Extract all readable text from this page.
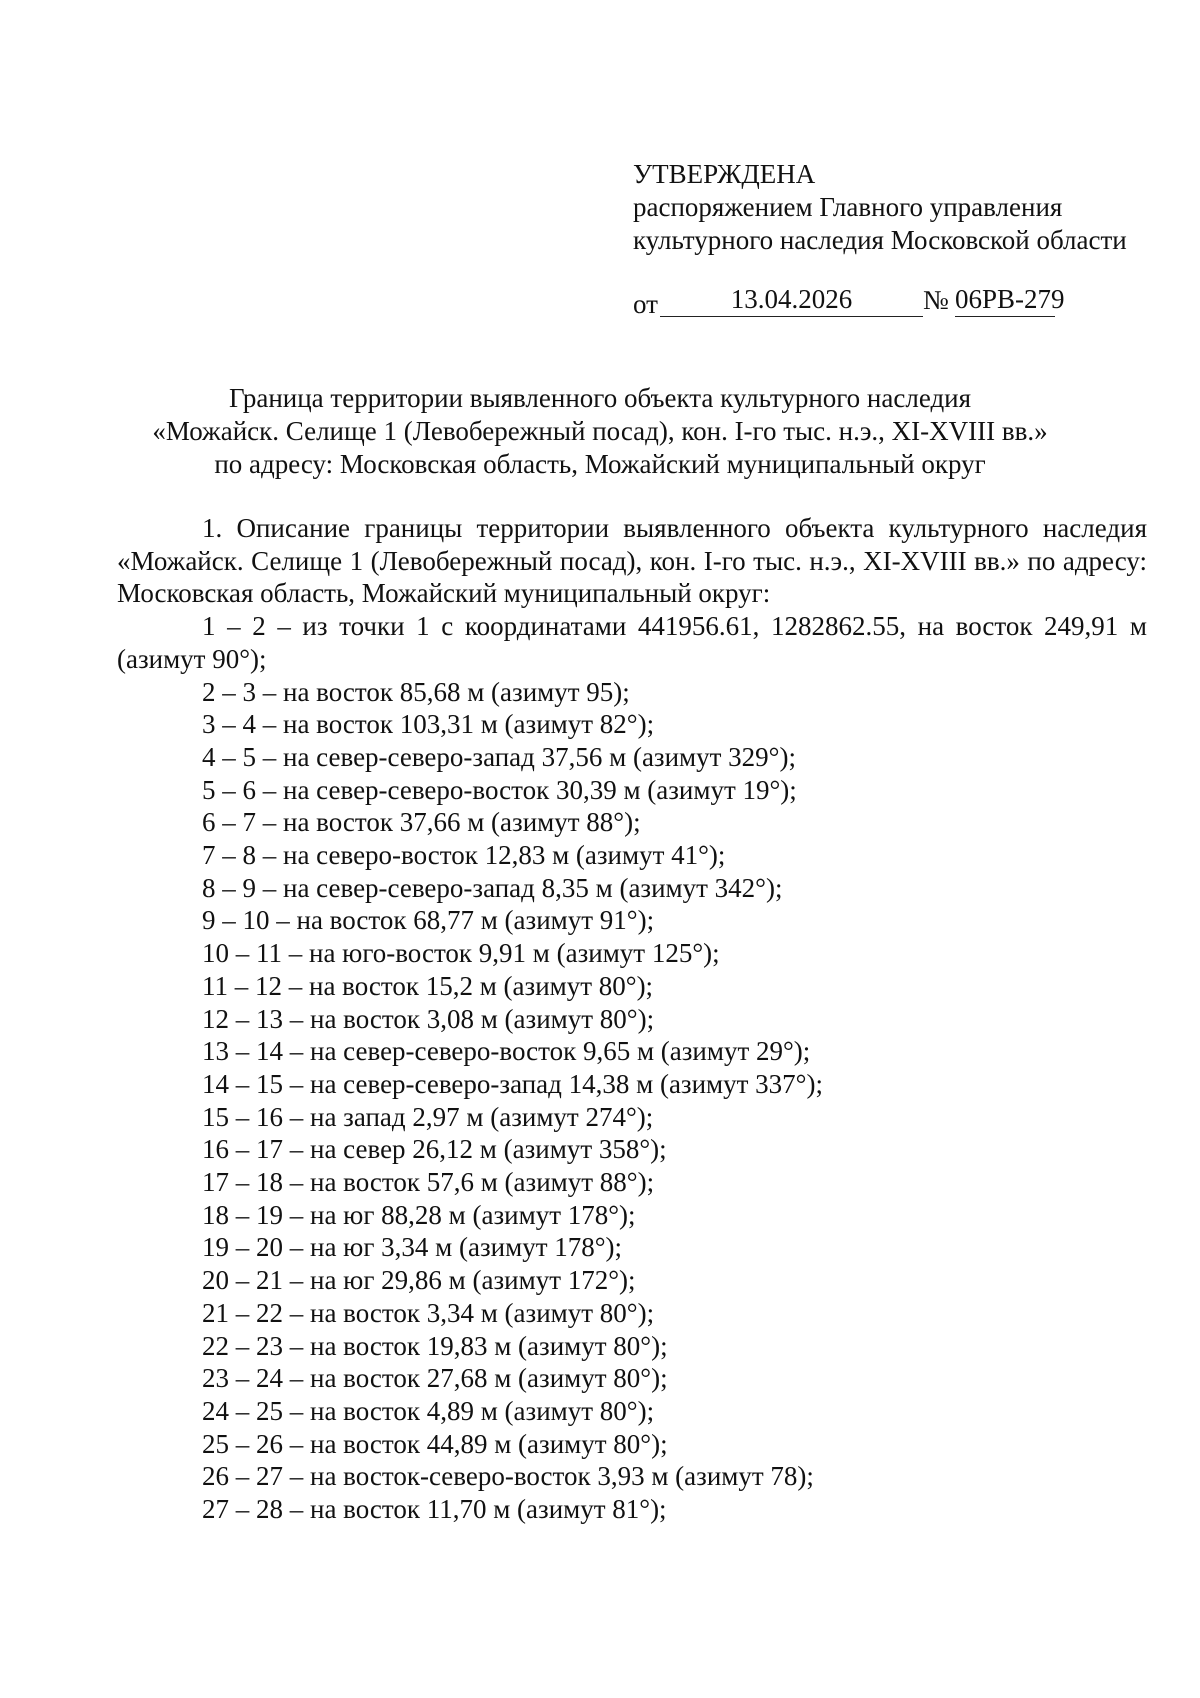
УТВЕРЖДЕНА
распоряжением Главного управления
культурного наследия Московской области
от	13.04.2026	№ 06РВ-279
Граница территории выявленного объекта культурного наследия
«Можайск. Селище 1 (Левобережный посад), кон. I-го тыс. н.э., XI-XVIII вв.»
по адресу: Московская область, Можайский муниципальный округ

1. Описание границы территории выявленного объекта культурного наследия «Можайск. Селище 1 (Левобережный посад), кон. I-го тыс. н.э., XI-XVIII вв.» по адресу: Московская область, Можайский муниципальный округ:

1 – 2 – из точки 1 с координатами 441956.61, 1282862.55, на восток 249,91 м (азимут 90°);

2 – 3 – на восток 85,68 м (азимут 95);
3 – 4 – на восток 103,31 м (азимут 82°);
4 – 5 – на север-северо-запад 37,56 м (азимут 329°);
5 – 6 – на север-северо-восток 30,39 м (азимут 19°);
6 – 7 – на восток 37,66 м (азимут 88°);
7 – 8 – на северо-восток 12,83 м (азимут 41°);
8 – 9 – на север-северо-запад 8,35 м (азимут 342°);
9 – 10 – на восток 68,77 м (азимут 91°);
10 – 11 – на юго-восток 9,91 м (азимут 125°);
11 – 12 – на восток 15,2 м (азимут 80°);
12 – 13 – на восток 3,08 м (азимут 80°);
13 – 14 – на север-северо-восток 9,65 м (азимут 29°);
14 – 15 – на север-северо-запад 14,38 м (азимут 337°);
15 – 16 – на запад 2,97 м (азимут 274°);
16 – 17 – на север 26,12 м (азимут 358°);
17 – 18 – на восток 57,6 м (азимут 88°);
18 – 19 – на юг 88,28 м (азимут 178°);
19 – 20 – на юг 3,34 м (азимут 178°);
20 – 21 – на юг 29,86 м (азимут 172°);
21 – 22 – на восток 3,34 м (азимут 80°);
22 – 23 – на восток 19,83 м (азимут 80°);
23 – 24 – на восток 27,68 м (азимут 80°);
24 – 25 – на восток 4,89 м (азимут 80°);
25 – 26 – на восток 44,89 м (азимут 80°);
26 – 27 – на восток-северо-восток 3,93 м (азимут 78);
27 – 28 – на восток 11,70 м (азимут 81°);
